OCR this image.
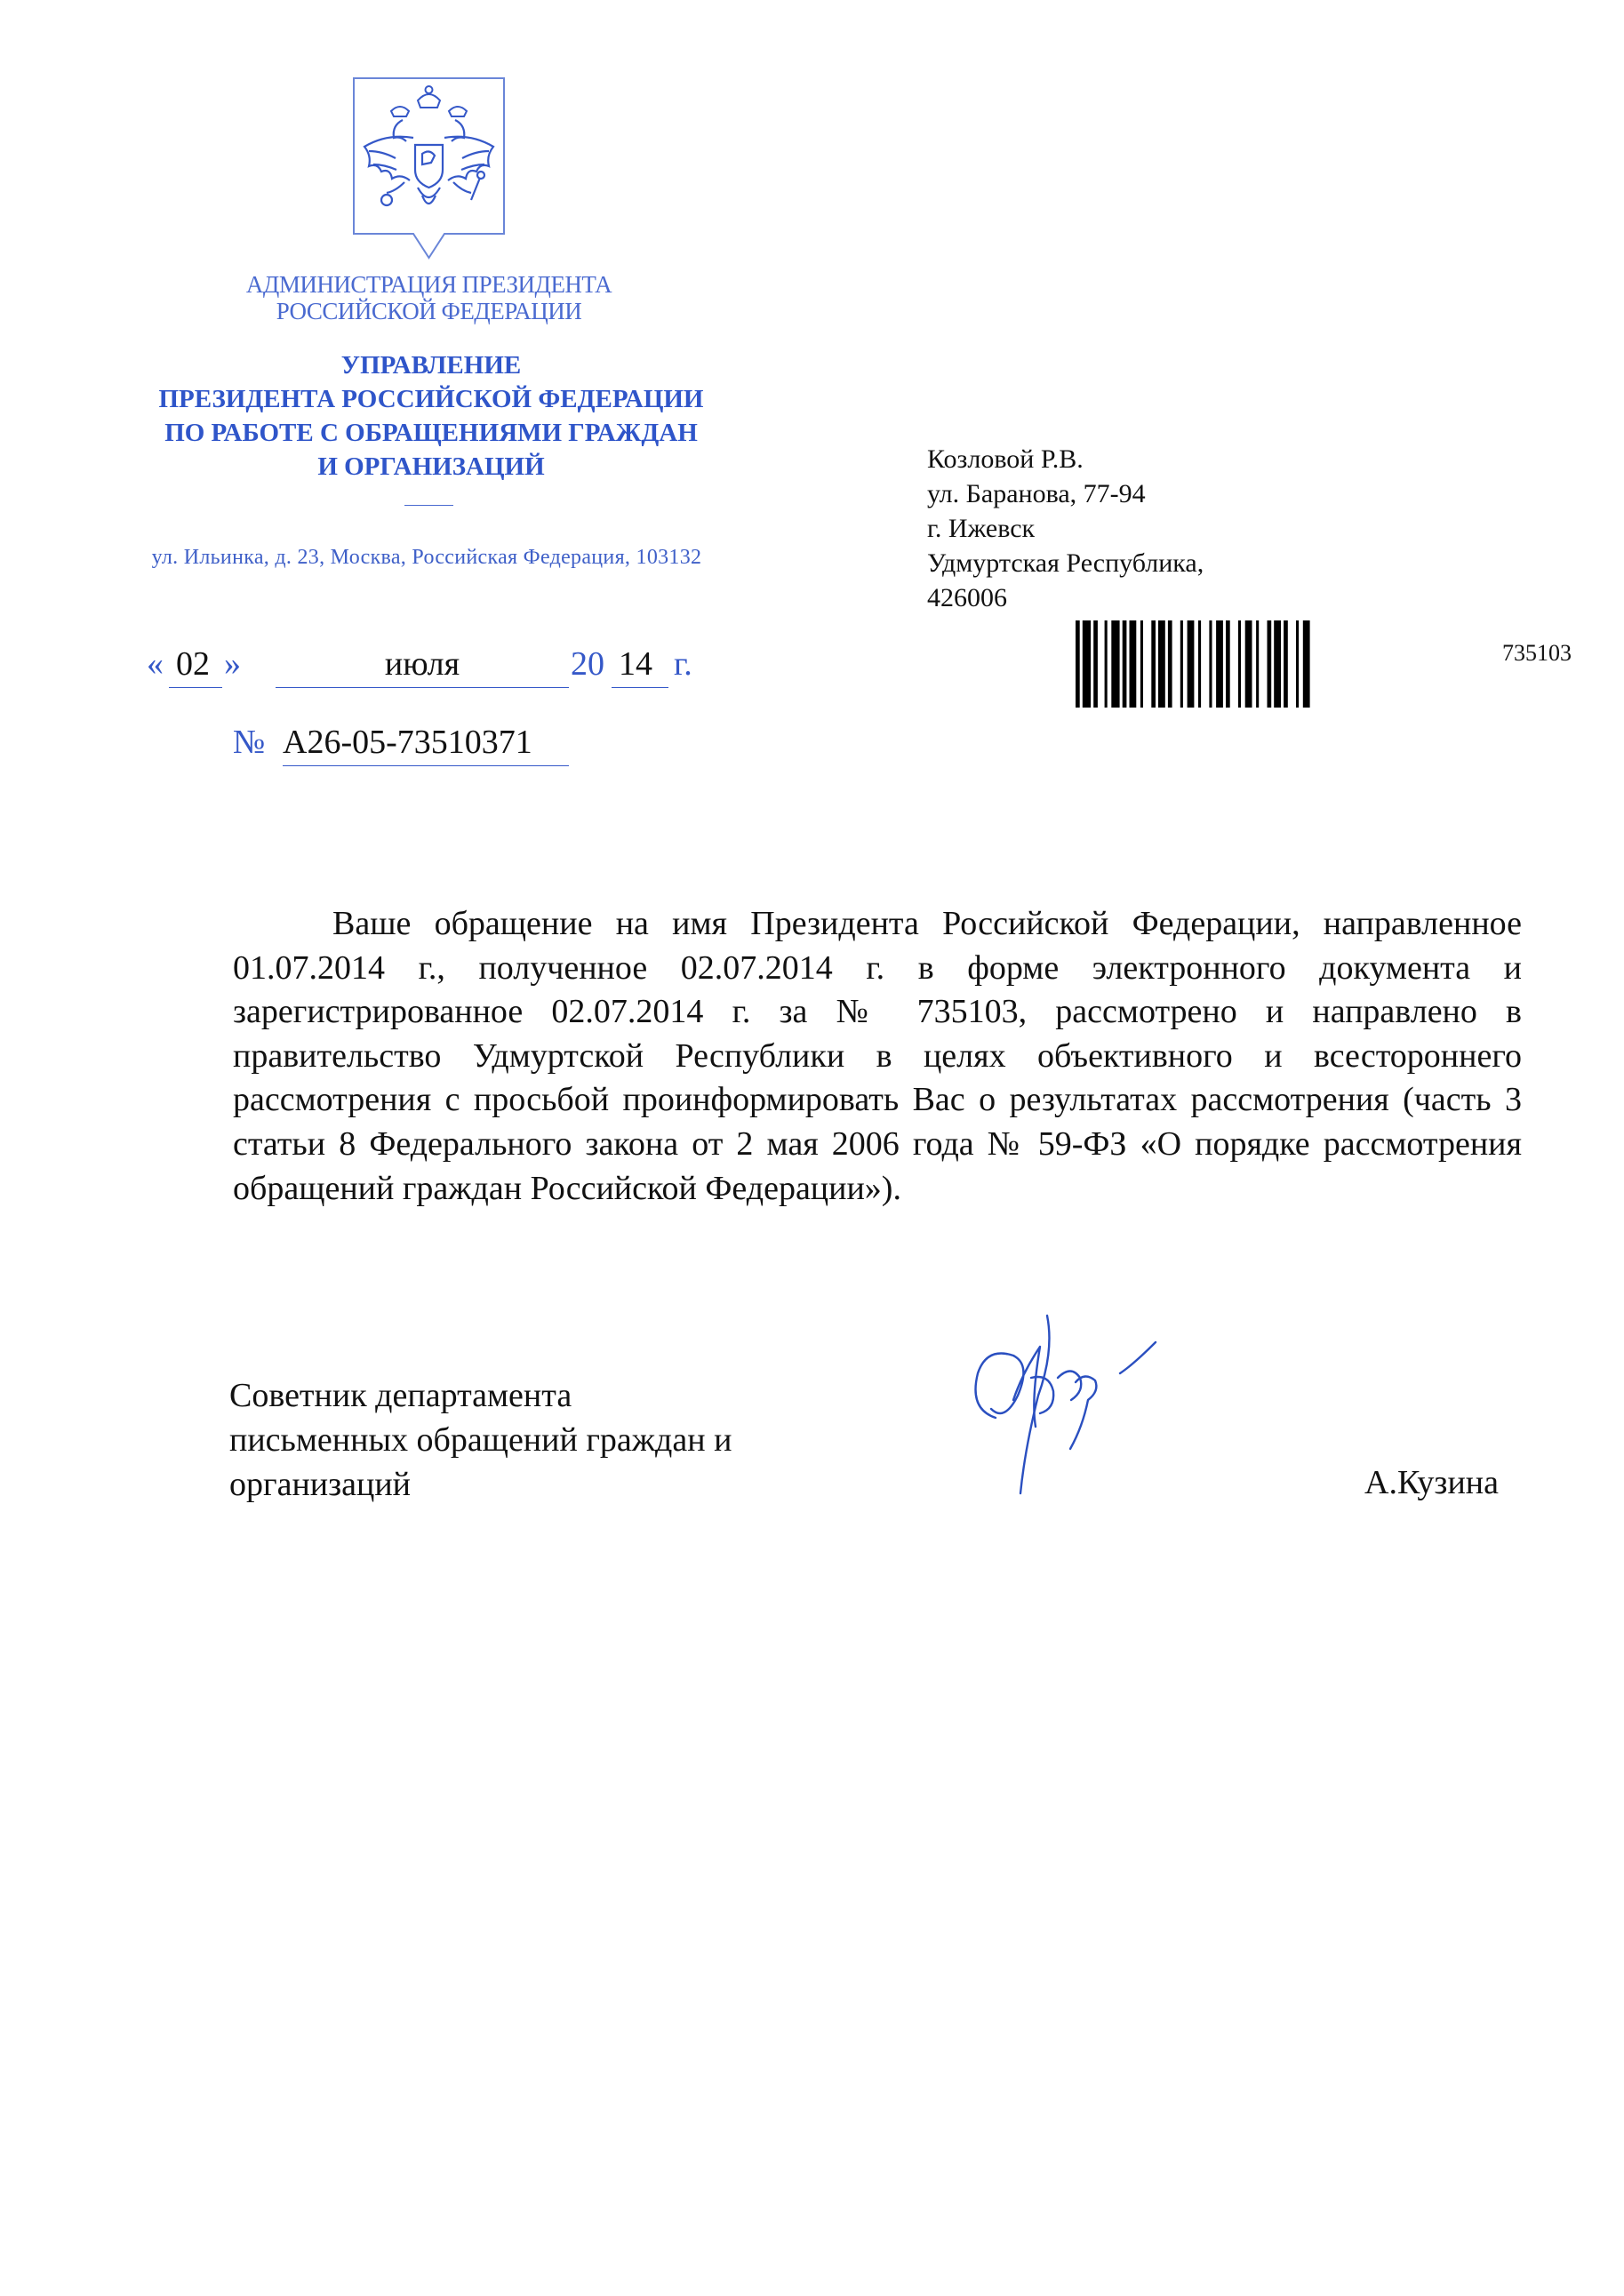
АДМИНИСТРАЦИЯ ПРЕЗИДЕНТА
РОССИЙСКОЙ ФЕДЕРАЦИИ
УПРАВЛЕНИЕ
ПРЕЗИДЕНТА РОССИЙСКОЙ ФЕДЕРАЦИИ
ПО РАБОТЕ С ОБРАЩЕНИЯМИ ГРАЖДАН
И ОРГАНИЗАЦИЙ
ул. Ильинка, д. 23, Москва, Российская Федерация, 103132
« 02 »	июля	20 14 г.
№ А26-05-73510371
Козловой Р.В.
ул. Баранова, 77-94
г. Ижевск
Удмуртская Республика,
426006
735103
Ваше обращение на имя Президента Российской Федерации, направленное 01.07.2014 г., полученное 02.07.2014 г. в форме электронного документа и зарегистрированное 02.07.2014 г. за № 735103, рассмотрено и направлено в правительство Удмуртской Республики в целях объективного и всестороннего рассмотрения с просьбой проинформировать Вас о результатах рассмотрения (часть 3 статьи 8 Федерального закона от 2 мая 2006 года № 59-ФЗ «О порядке рассмотрения обращений граждан Российской Федерации»).
Советник департамента
письменных обращений граждан и
организаций	А.Кузина
